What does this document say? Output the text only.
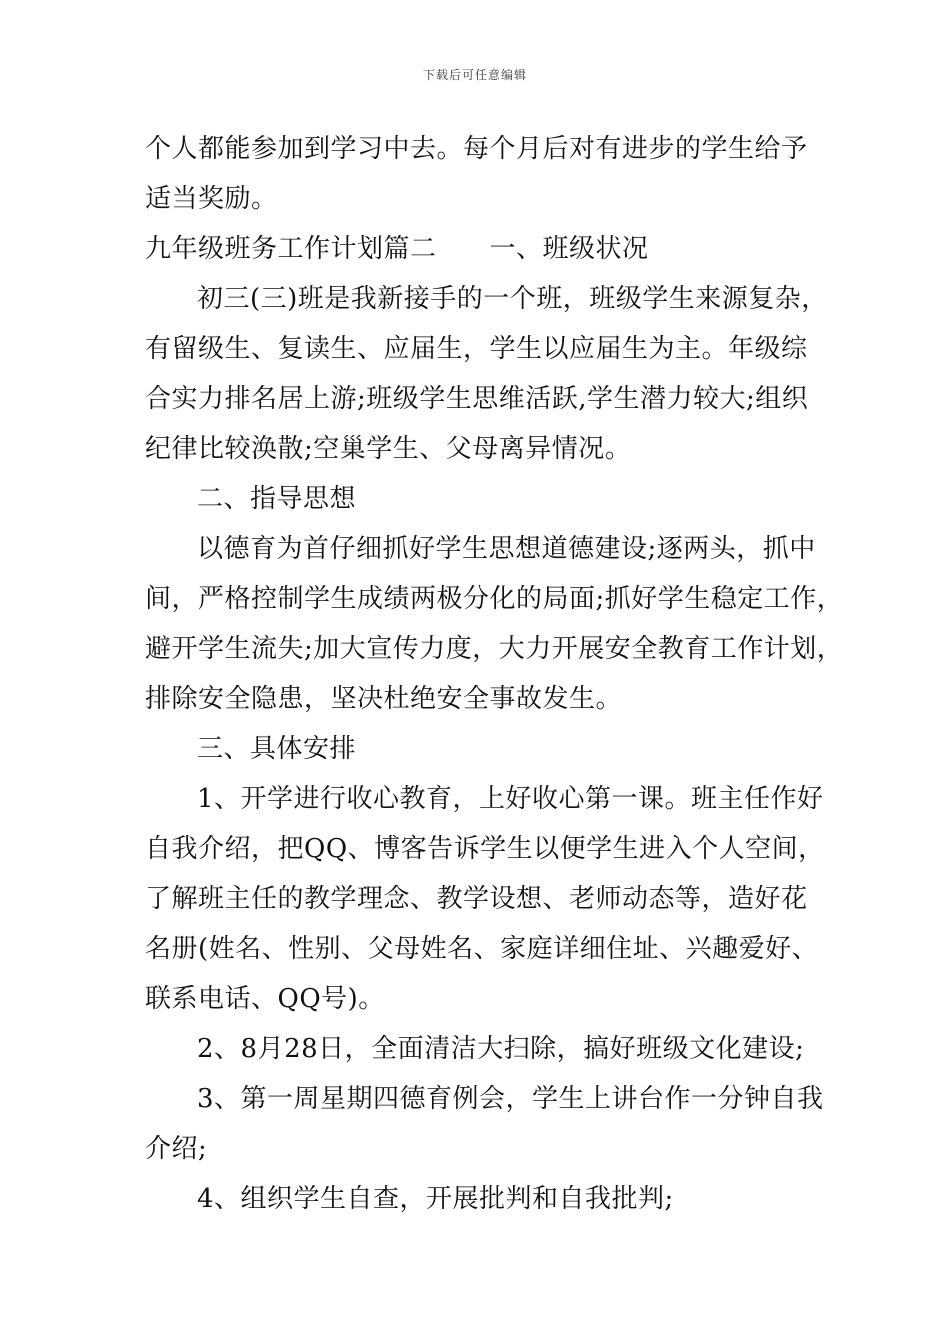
下载后可任意编辑
个人都能参加到学习中去。每个月后对有进步的学生给予
适当奖励。
九年级班务工作计划篇二　　一、班级状况
初三(三)班是我新接手的一个班，班级学生来源复杂，
有留级生、复读生、应届生，学生以应届生为主。年级综
合实力排名居上游;班级学生思维活跃,学生潜力较大;组织
纪律比较涣散;空巢学生、父母离异情况。
二、指导思想
以德育为首仔细抓好学生思想道德建设;逐两头，抓中
间，严格控制学生成绩两极分化的局面;抓好学生稳定工作，
避开学生流失;加大宣传力度，大力开展安全教育工作计划，
排除安全隐患，坚决杜绝安全事故发生。
三、具体安排
1、开学进行收心教育，上好收心第一课。班主任作好
自我介绍，把QQ、博客告诉学生以便学生进入个人空间，
了解班主任的教学理念、教学设想、老师动态等，造好花
名册(姓名、性别、父母姓名、家庭详细住址、兴趣爱好、
联系电话、QQ号)。
2、8月28日，全面清洁大扫除，搞好班级文化建设;
3、第一周星期四德育例会，学生上讲台作一分钟自我
介绍;
4、组织学生自查，开展批判和自我批判;
